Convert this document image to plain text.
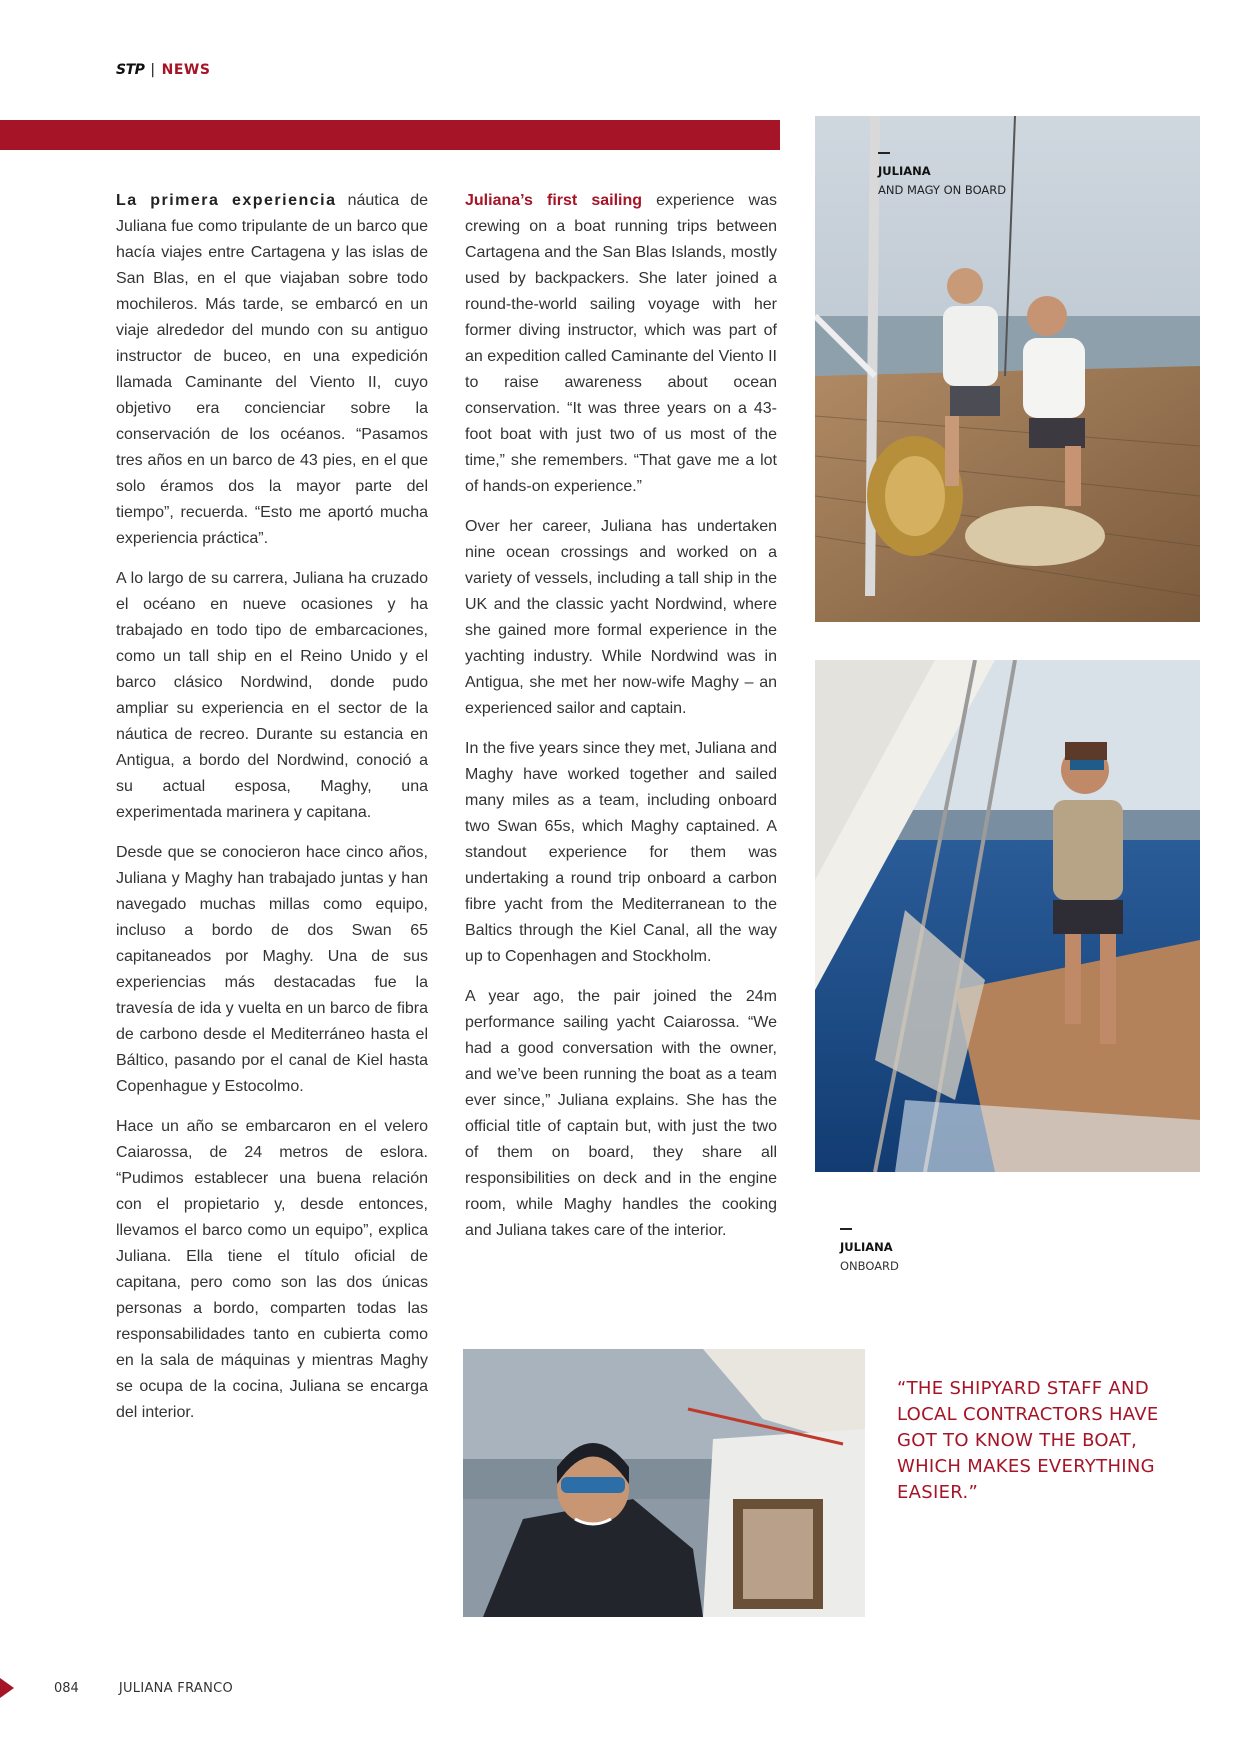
STP | NEWS

La primera experiencia náutica de Juliana fue como tripulante de un barco que hacía viajes entre Cartagena y las islas de San Blas, en el que viajaban sobre todo mochileros. Más tarde, se embarcó en un viaje alrededor del mundo con su antiguo instructor de buceo, en una expedición llamada Caminante del Viento II, cuyo objetivo era concienciar sobre la conservación de los océanos. “Pasamos tres años en un barco de 43 pies, en el que solo éramos dos la mayor parte del tiempo”, recuerda. “Esto me aportó mucha experiencia práctica”.

A lo largo de su carrera, Juliana ha cruzado el océano en nueve ocasiones y ha trabajado en todo tipo de embarcaciones, como un tall ship en el Reino Unido y el barco clásico Nordwind, donde pudo ampliar su experiencia en el sector de la náutica de recreo. Durante su estancia en Antigua, a bordo del Nordwind, conoció a su actual esposa, Maghy, una experimentada marinera y capitana.

Desde que se conocieron hace cinco años, Juliana y Maghy han trabajado juntas y han navegado muchas millas como equipo, incluso a bordo de dos Swan 65 capitaneados por Maghy. Una de sus experiencias más destacadas fue la travesía de ida y vuelta en un barco de fibra de carbono desde el Mediterráneo hasta el Báltico, pasando por el canal de Kiel hasta Copenhague y Estocolmo.

Hace un año se embarcaron en el velero Caiarossa, de 24 metros de eslora. “Pudimos establecer una buena relación con el propietario y, desde entonces, llevamos el barco como un equipo”, explica Juliana. Ella tiene el título oficial de capitana, pero como son las dos únicas personas a bordo, comparten todas las responsabilidades tanto en cubierta como en la sala de máquinas y mientras Maghy se ocupa de la cocina, Juliana se encarga del interior.

Juliana’s first sailing experience was crewing on a boat running trips between Cartagena and the San Blas Islands, mostly used by backpackers. She later joined a round-the-world sailing voyage with her former diving instructor, which was part of an expedition called Caminante del Viento II to raise awareness about ocean conservation. “It was three years on a 43-foot boat with just two of us most of the time,” she remembers. “That gave me a lot of hands-on experience.”

Over her career, Juliana has undertaken nine ocean crossings and worked on a variety of vessels, including a tall ship in the UK and the classic yacht Nordwind, where she gained more formal experience in the yachting industry. While Nordwind was in Antigua, she met her now-wife Maghy – an experienced sailor and captain.

In the five years since they met, Juliana and Maghy have worked together and sailed many miles as a team, including onboard two Swan 65s, which Maghy captained. A standout experience for them was undertaking a round trip onboard a carbon fibre yacht from the Mediterranean to the Baltics through the Kiel Canal, all the way up to Copenhagen and Stockholm.

A year ago, the pair joined the 24m performance sailing yacht Caiarossa. “We had a good conversation with the owner, and we’ve been running the boat as a team ever since,” Juliana explains. She has the official title of captain but, with just the two of them on board, they share all responsibilities on deck and in the engine room, while Maghy handles the cooking and Juliana takes care of the interior.

JULIANA
AND MAGY ON BOARD
JULIANA
ONBOARD
“THE SHIPYARD STAFF AND LOCAL CONTRACTORS HAVE GOT TO KNOW THE BOAT, WHICH MAKES EVERYTHING EASIER.”
084	JULIANA FRANCO
